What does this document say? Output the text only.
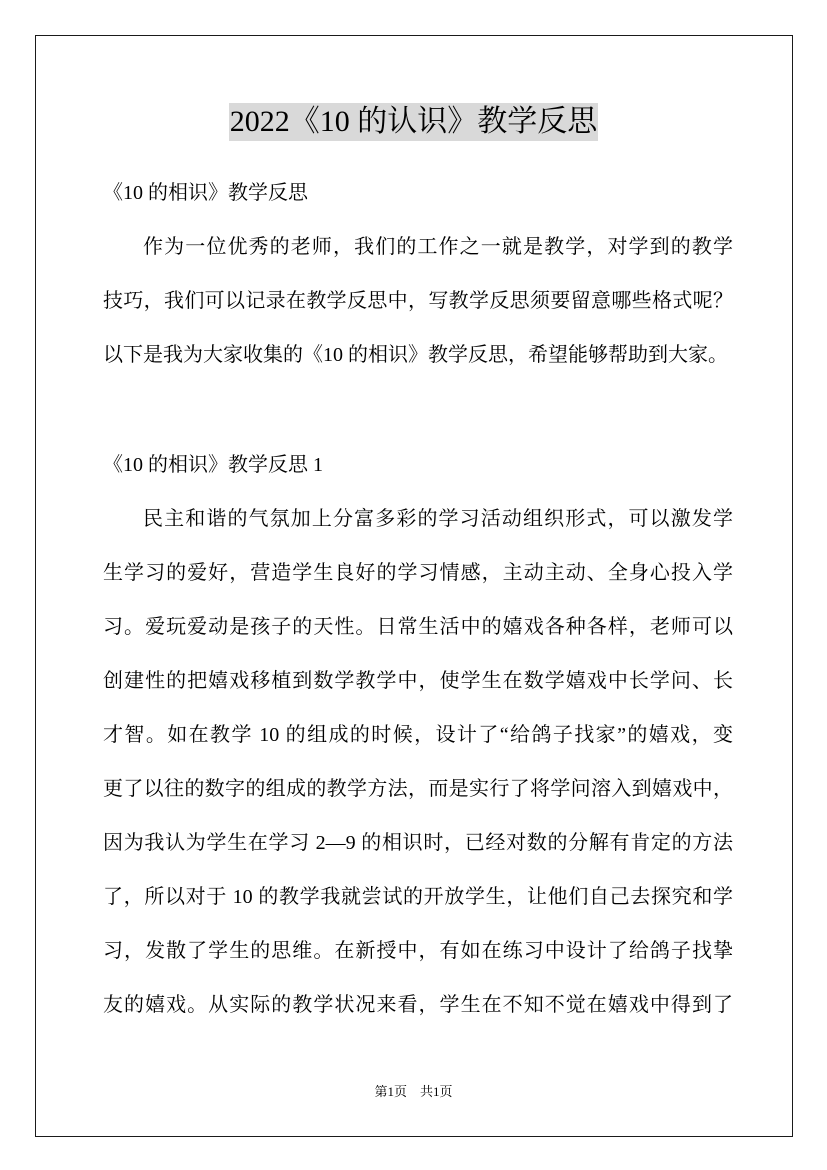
2022《10 的认识》教学反思
《10 的相识》教学反思
作为一位优秀的老师，我们的工作之一就是教学，对学到的教学
技巧，我们可以记录在教学反思中，写教学反思须要留意哪些格式呢？
以下是我为大家收集的《10 的相识》教学反思，希望能够帮助到大家。
《10 的相识》教学反思 1
民主和谐的气氛加上分富多彩的学习活动组织形式，可以激发学
生学习的爱好，营造学生良好的学习情感，主动主动、全身心投入学
习。爱玩爱动是孩子的天性。日常生活中的嬉戏各种各样，老师可以
创建性的把嬉戏移植到数学教学中，使学生在数学嬉戏中长学问、长
才智。如在教学 10 的组成的时候，设计了“给鸽子找家”的嬉戏，变
更了以往的数字的组成的教学方法，而是实行了将学问溶入到嬉戏中，
因为我认为学生在学习 2—9 的相识时，已经对数的分解有肯定的方法
了，所以对于 10 的教学我就尝试的开放学生，让他们自己去探究和学
习，发散了学生的思维。在新授中，有如在练习中设计了给鸽子找挚
友的嬉戏。从实际的教学状况来看，学生在不知不觉在嬉戏中得到了
第1页 共1页
